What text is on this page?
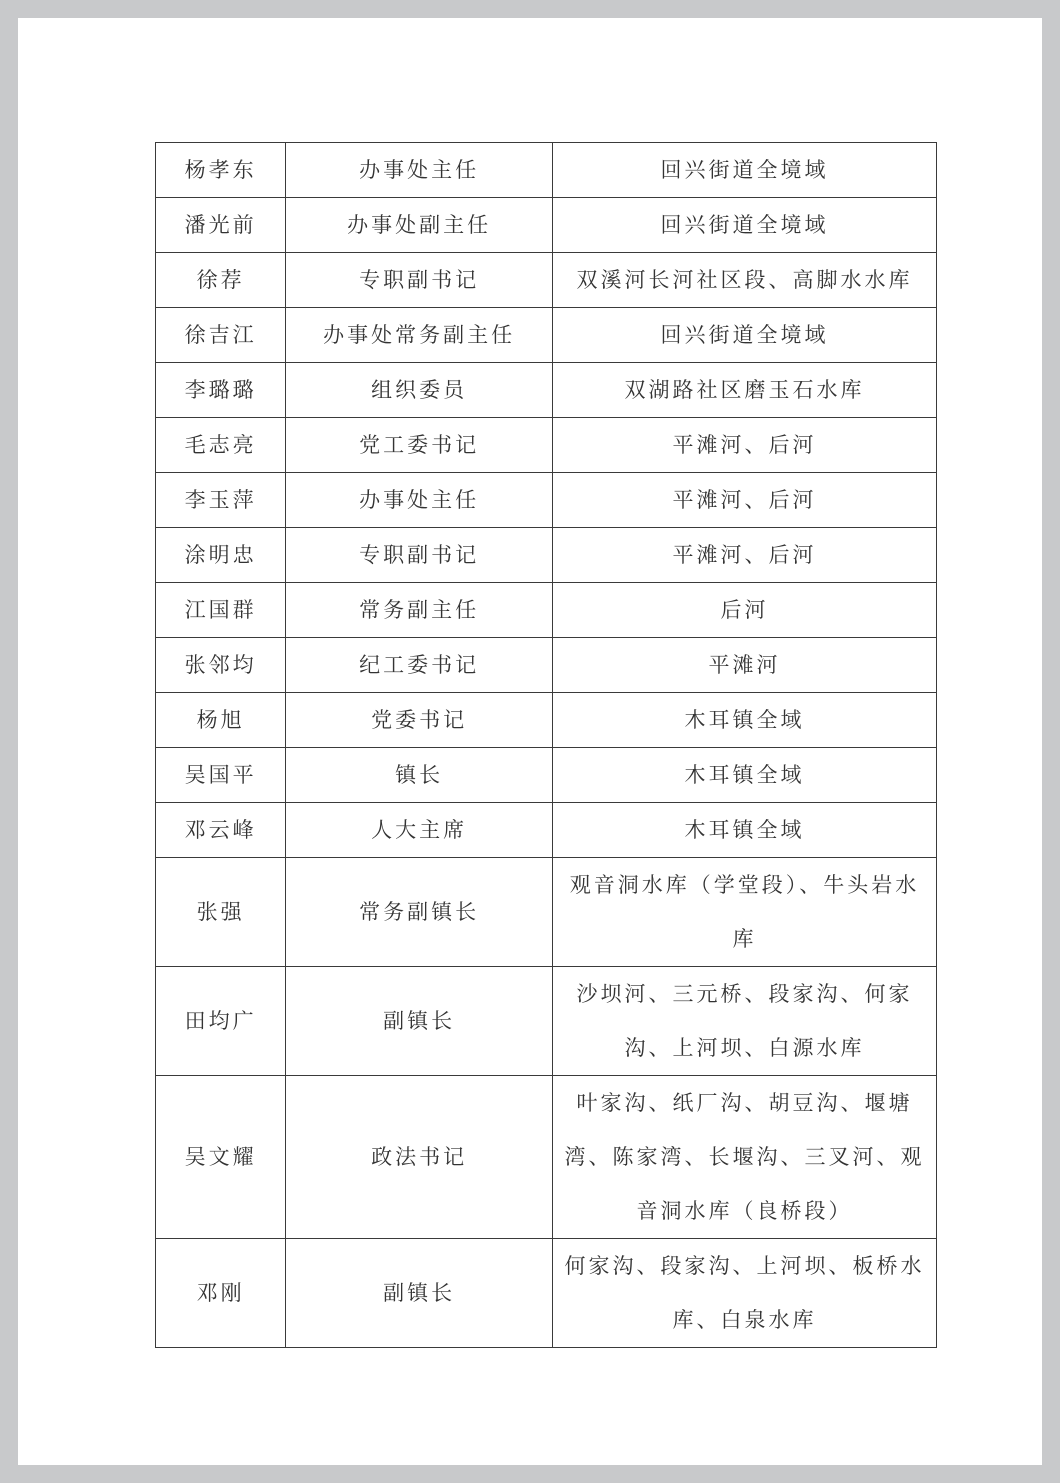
杨孝东	办事处主任	回兴街道全境域
潘光前	办事处副主任	回兴街道全境域
徐荐	专职副书记	双溪河长河社区段、高脚水水库
徐吉江	办事处常务副主任	回兴街道全境域
李璐璐	组织委员	双湖路社区磨玉石水库
毛志亮	党工委书记	平滩河、后河
李玉萍	办事处主任	平滩河、后河
涂明忠	专职副书记	平滩河、后河
江国群	常务副主任	后河
张邻均	纪工委书记	平滩河
杨旭	党委书记	木耳镇全域
吴国平	镇长	木耳镇全域
邓云峰	人大主席	木耳镇全域
张强	常务副镇长	观音洞水库（学堂段）、牛头岩水库
田均广	副镇长	沙坝河、三元桥、段家沟、何家沟、上河坝、白源水库
吴文耀	政法书记	叶家沟、纸厂沟、胡豆沟、堰塘湾、陈家湾、长堰沟、三叉河、观音洞水库（良桥段）
邓刚	副镇长	何家沟、段家沟、上河坝、板桥水库、白泉水库
